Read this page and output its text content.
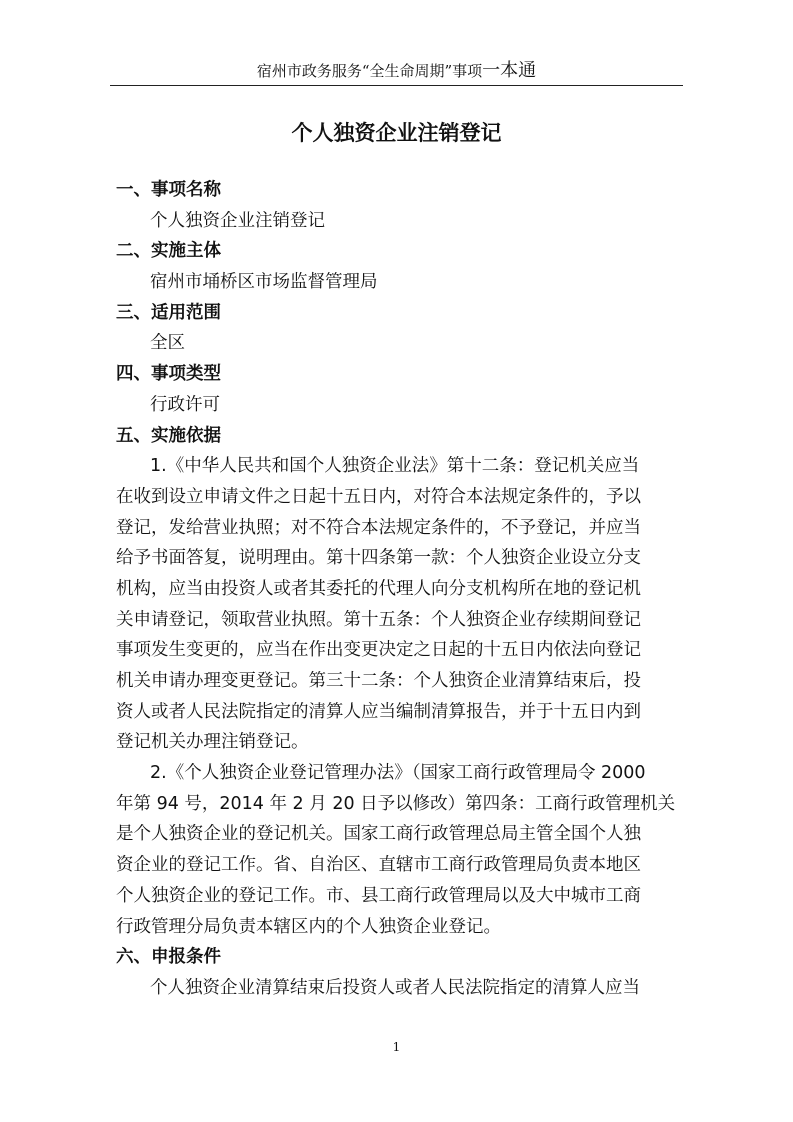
宿州市政务服务“全生命周期”事项一本通
个人独资企业注销登记
一、事项名称
个人独资企业注销登记
二、实施主体
宿州市埇桥区市场监督管理局
三、适用范围
全区
四、事项类型
行政许可
五、实施依据
1.《中华人民共和国个人独资企业法》第十二条：登记机关应当
在收到设立申请文件之日起十五日内，对符合本法规定条件的，予以
登记，发给营业执照；对不符合本法规定条件的，不予登记，并应当
给予书面答复，说明理由。第十四条第一款：个人独资企业设立分支
机构，应当由投资人或者其委托的代理人向分支机构所在地的登记机
关申请登记，领取营业执照。第十五条：个人独资企业存续期间登记
事项发生变更的，应当在作出变更决定之日起的十五日内依法向登记
机关申请办理变更登记。第三十二条：个人独资企业清算结束后，投
资人或者人民法院指定的清算人应当编制清算报告，并于十五日内到
登记机关办理注销登记。
2.《个人独资企业登记管理办法》（国家工商行政管理局令 2000
年第 94 号，2014 年 2 月 20 日予以修改）第四条：工商行政管理机关
是个人独资企业的登记机关。国家工商行政管理总局主管全国个人独
资企业的登记工作。省、自治区、直辖市工商行政管理局负责本地区
个人独资企业的登记工作。市、县工商行政管理局以及大中城市工商
行政管理分局负责本辖区内的个人独资企业登记。
六、申报条件
个人独资企业清算结束后投资人或者人民法院指定的清算人应当
1
